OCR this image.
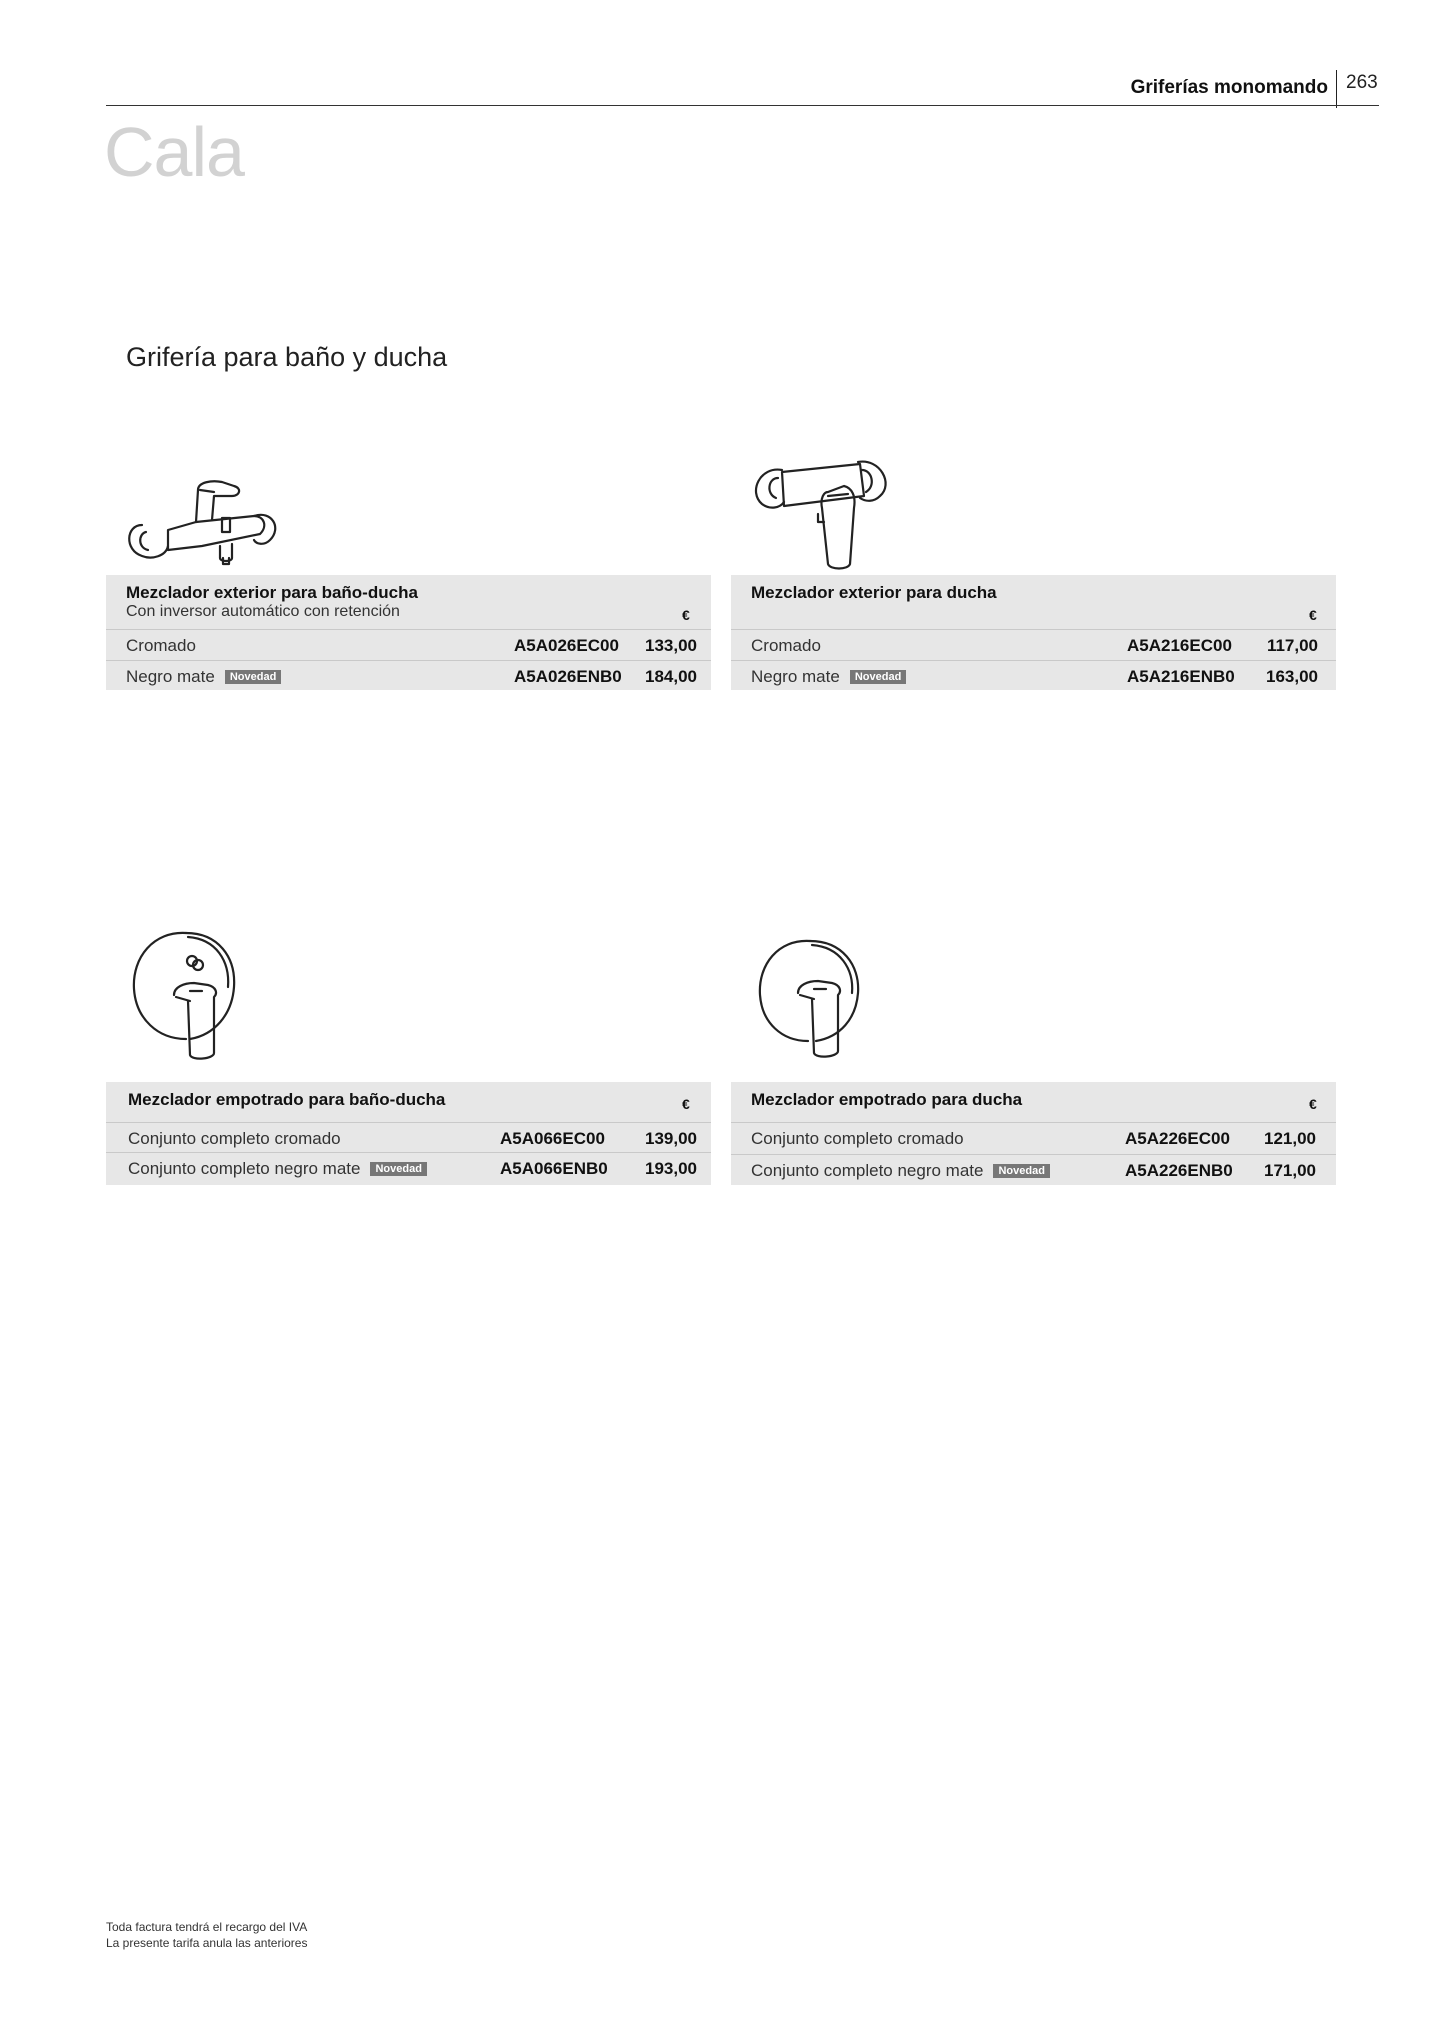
Griferías monomando 263
Cala
Grifería para baño y ducha
Mezclador exterior para baño-ducha
Con inversor automático con retención	€
Cromado	A5A026EC00 133,00
Negro mate Novedad	A5A026ENB0 184,00
Mezclador exterior para ducha
€
Cromado	A5A216EC00 117,00
Negro mate Novedad	A5A216ENB0 163,00
Mezclador empotrado para baño-ducha	€
Conjunto completo cromado	A5A066EC00 139,00
Conjunto completo negro mate Novedad	A5A066ENB0 193,00
Mezclador empotrado para ducha	€
Conjunto completo cromado	A5A226EC00 121,00
Conjunto completo negro mate Novedad	A5A226ENB0 171,00
Toda factura tendrá el recargo del IVA
La presente tarifa anula las anteriores
